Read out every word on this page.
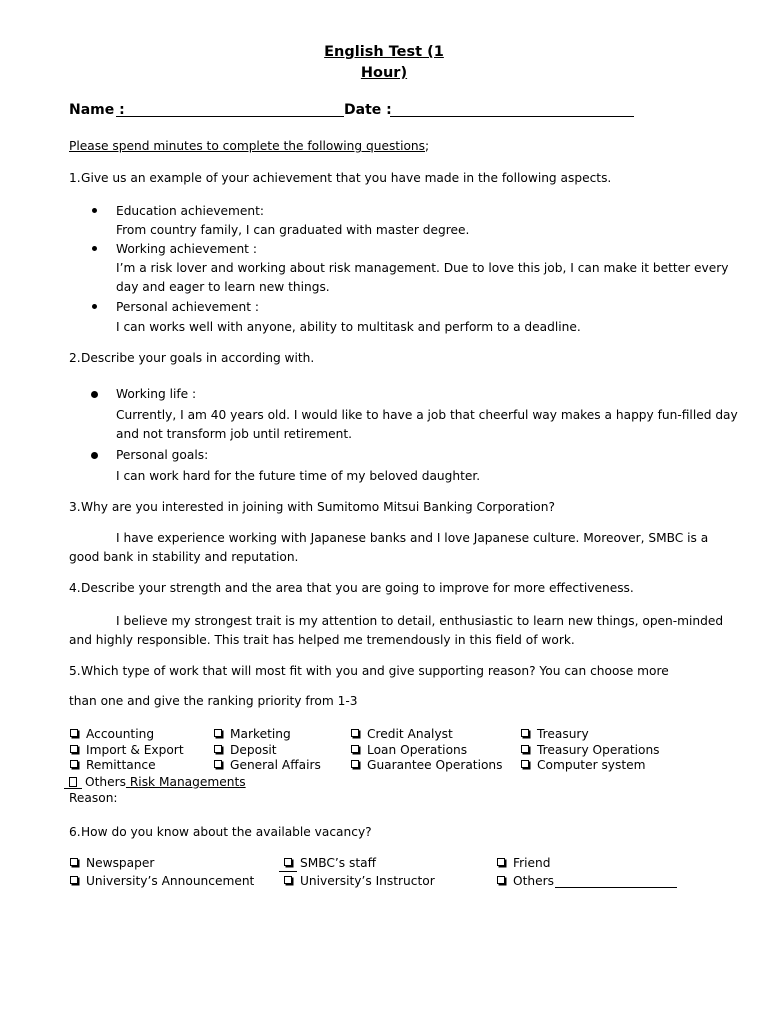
English Test (1
Hour)
Name :	Date :
Please spend minutes to complete the following questions;
1. Give us an example of your achievement that you have made in the following aspects.
Education achievement:
From country family, I can graduated with master degree.
Working achievement :
I’m a risk lover and working about risk management. Due to love this job, I can make it better every
day and eager to learn new things.
Personal achievement :
I can works well with anyone, ability to multitask and perform to a deadline.
2. Describe your goals in according with.
Working life :
Currently, I am 40 years old. I would like to have a job that cheerful way makes a happy fun-filled day
and not transform job until retirement.
Personal goals:
I can work hard for the future time of my beloved daughter.
3. Why are you interested in joining with Sumitomo Mitsui Banking Corporation?
I have experience working with Japanese banks and I love Japanese culture. Moreover, SMBC is a
good bank in stability and reputation.
4. Describe your strength and the area that you are going to improve for more effectiveness.
I believe my strongest trait is my attention to detail, enthusiastic to learn new things, open-minded
and highly responsible. This trait has helped me tremendously in this field of work.
5. Which type of work that will most fit with you and give supporting reason? You can choose more
than one and give the ranking priority from 1-3
Accounting	Marketing	Credit Analyst	Treasury
Import & Export	Deposit	Loan Operations	Treasury Operations
Remittance	General Affairs	Guarantee Operations	Computer system
Others Risk Managements
Reason:
6. How do you know about the available vacancy?
Newspaper	SMBC’s staff	Friend
University’s Announcement	University’s Instructor	Others
